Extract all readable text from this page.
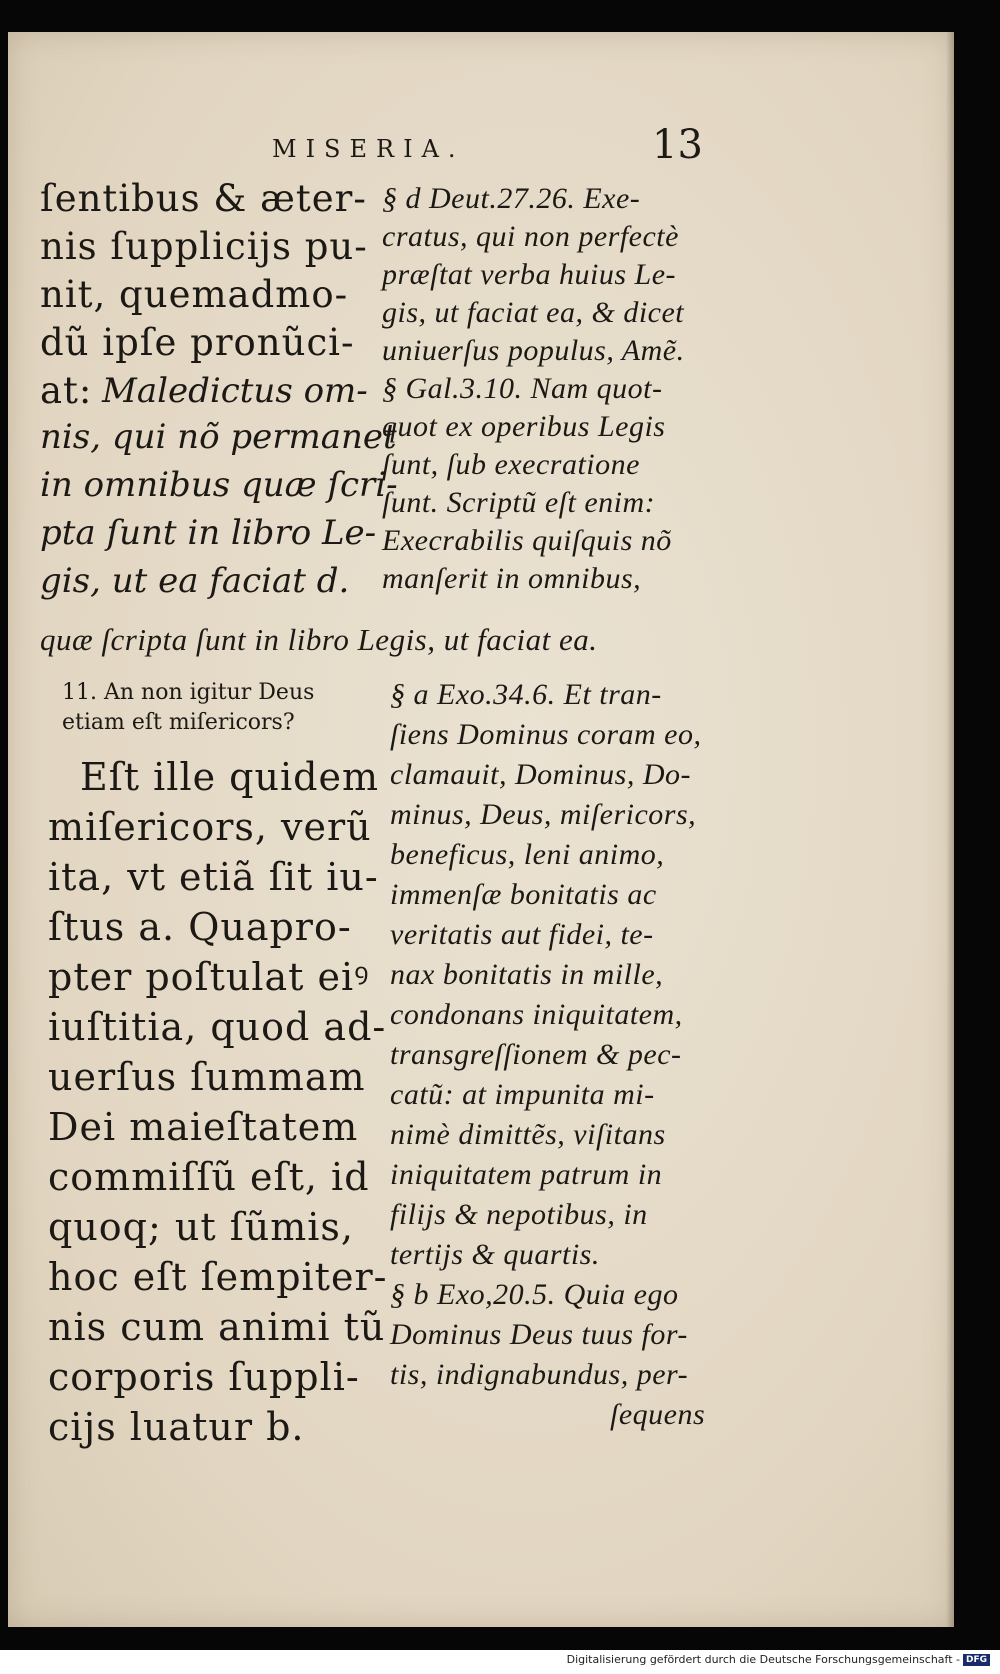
MISERIA.	13
ſentibus & æter-
nis ſupplicijs pu-
nit, quemadmo-
dũ ipſe pronũci-
at: Maledictus om-
nis, qui nõ permanet
in omnibus quæ ſcri-
pta ſunt in libro Le-
gis, ut ea faciat d.
§ d Deut.27.26. Exe-
cratus, qui non perfectè
præſtat verba huius Le-
gis, ut faciat ea, & dicet
uniuerſus populus, Amẽ.
§ Gal.3.10. Nam quot-
quot ex operibus Legis
ſunt, ſub execratione
ſunt. Scriptũ eſt enim:
Execrabilis quiſquis nõ
manſerit in omnibus,
quæ ſcripta ſunt in libro Legis, ut faciat ea.
11. An non igitur Deus
etiam eſt miſericors?
Eſt ille quidem
miſericors, verũ
ita, vt etiã ſit iu-
ſtus a. Quapro-
pter poſtulat eiꝰ
iuſtitia, quod ad-
uerſus ſummam
Dei maieſtatem
commiſſũ eſt, id
quoq; ut ſũmis,
hoc eſt ſempiter-
nis cum animi tũ
corporis ſuppli-
cijs luatur b.
§ a Exo.34.6. Et tran-
ſiens Dominus coram eo,
clamauit, Dominus, Do-
minus, Deus, miſericors,
beneficus, leni animo,
immenſæ bonitatis ac
veritatis aut fidei, te-
nax bonitatis in mille,
condonans iniquitatem,
transgreſſionem & pec-
catũ: at impunita mi-
nimè dimittẽs, viſitans
iniquitatem patrum in
filijs & nepotibus, in
tertijs & quartis.
§ b Exo,20.5. Quia ego
Dominus Deus tuus for-
tis, indignabundus, per-
ſequens
Digitalisierung gefördert durch die Deutsche Forschungsgemeinschaft - DFG
